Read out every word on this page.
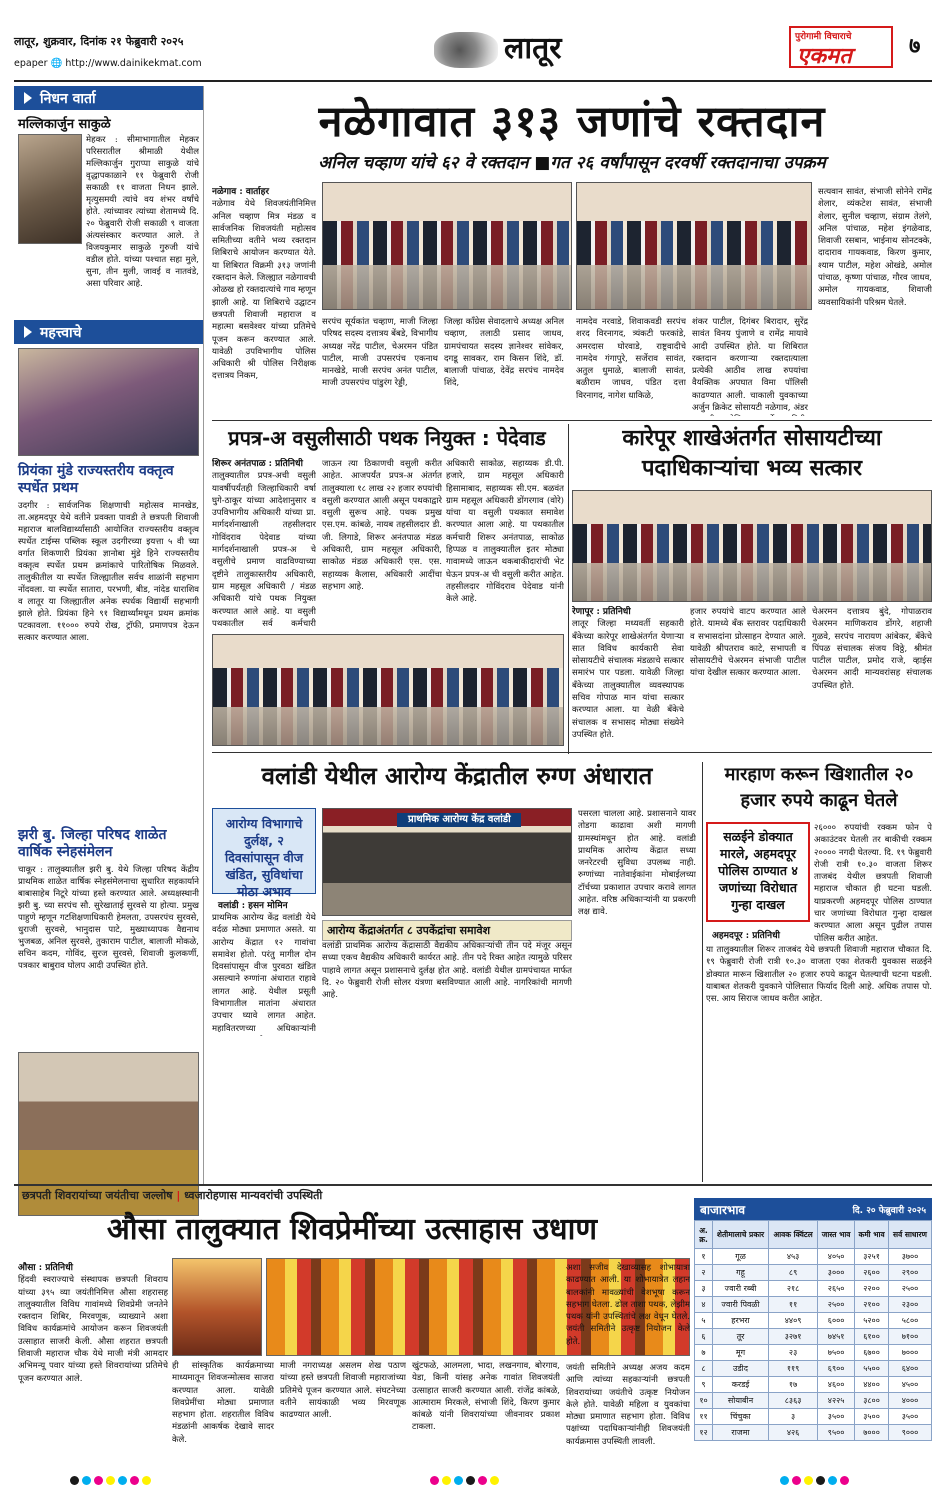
लातूर, शुक्रवार, दिनांक २१ फेब्रुवारी २०२५
epaper 🌐 http://www.dainikekmat.com	लातूर	पुरोगामी विचाराचे
एकमत	७
निधन वार्ता
मल्लिकार्जुन साकुळे
मेहकर : सीमाभागातील मेहकर परिसरातील श्रीमाळी येथील मल्लिकार्जुन गुराप्पा साकुळे यांचे वृद्धापकाळाने ११ फेब्रुवारी रोजी सकाळी ११ वाजता निधन झाले. मृत्युसमयी त्यांचे वय शंभर वर्षांचे होते. त्यांच्यावर त्यांच्या शेतामध्ये दि. २० फेब्रुवारी रोजी सकाळी ९ वाजता अंत्यसंस्कार करण्यात आले. ते विजयकुमार साकुळे गुरुजी यांचे वडील होते. यांच्या पश्चात सहा मुले, सुना, तीन मुली, जावई व नातवंडे, असा परिवार आहे.
महत्त्वाचे
प्रियंका मुंडे राज्यस्तरीय वक्तृत्व स्पर्धेत प्रथम
उदगीर : सार्वजनिक शिक्षणाची महोत्सव मानखेड, ता.अहमदपूर येथे वतीने प्रवक्ता पावडी ते छत्रपती शिवाजी महाराज बालविद्यार्थ्यांसाठी आयोजित राज्यस्तरीय वक्तृत्व स्पर्धेत टाईम्स पब्लिक स्कूल उदगीरच्या इयत्ता ५ वी च्या वर्गात शिकणारी प्रियंका ज्ञानोबा मुंडे हिने राज्यस्तरीय वक्तृत्व स्पर्धेत प्रथम क्रमांकाचे पारितोषिक मिळवले. तालुकीतील या स्पर्धेत जिल्ह्यातील सर्वच शाळांनी सहभाग नोंदवला. या स्पर्धेत सातारा, परभणी, बीड, नांदेड धाराशिव व लातूर या जिल्ह्यातील अनेक स्पर्धक विद्यार्थी सहभागी झाले होते. प्रियंका हिने ९१ विद्यार्थ्यांमधून प्रथम क्रमांक पटकावला. ११००० रुपये रोख, ट्रॉफी, प्रमाणपत्र देऊन सत्कार करण्यात आला.
झरी बु. जिल्हा परिषद शाळेत वार्षिक स्नेहसंमेलन
चाकूर : तालुक्यातील झरी बु. येथे जिल्हा परिषद केंद्रीय प्राथमिक शाळेत वार्षिक स्नेहसंमेलनाचा सुधारित सहकार्याने बाबासाहेब निटूरे यांच्या हस्ते करण्यात आले. अध्यक्षस्थानी झरी बु. च्या सरपंच सौ. सुरेखाताई सुरवसे या होत्या. प्रमुख पाहुणे म्हणून गटशिक्षणाधिकारी हेमलता, उपसरपंच सुरवसे, धुराजी सुरवसे, भानुदास पाटे, मुख्याध्यापक वैद्यनाथ भुजबळ, अनिल सुरवसे, तुकाराम पाटील, बालाजी मोकळे, सचिन कदम, गोविंद, सुरज सुरवसे, शिवाजी कुलकर्णी, पत्रकार बाबुराव घोलप आदी उपस्थित होते.
नळेगावात ३१३ जणांचे रक्तदान
अनिल चव्हाण यांचे ६२ वे रक्तदान ■गत २६ वर्षांपासून दरवर्षी रक्तदानाचा उपक्रम
नळेगाव : वार्ताहर
नळेगाव येथे शिवजयंतीनिमित्त अनिल चव्हाण मित्र मंडळ व सार्वजनिक शिवजयंती महोत्सव समितीच्या वतीने भव्य रक्तदान शिबिराचे आयोजन करण्यात येते. या शिबिरात विक्रमी ३१३ जणांनी रक्तदान केले. जिल्ह्यात नळेगावची ओळख हो रक्तदात्यांचे गाव म्हणून झाली आहे. या शिबिराचे उद्घाटन छत्रपती शिवाजी महाराज व महात्मा बसवेश्वर यांच्या प्रतिमेचे पूजन करून करण्यात आले. यावेळी उपविभागीय पोलिस अधिकारी श्री पोलिस निरीक्षक दत्तात्रय निकम,
सरपंच सूर्यकांत चव्हाण, माजी जिल्हा परिषद सदस्य दत्तात्रय बेंबडे, विभागीय अध्यक्ष नरेंद्र पाटील, चेअरमन पंडित पाटील, माजी उपसरपंच एकनाथ मानखेडे, माजी सरपंच अनंत पाटील, माजी उपसरपंच पांडुरंग रेड्डी,
जिल्हा काँग्रेस सेवादलाचे अध्यक्ष अनिल चव्हाण, तलाठी प्रसाद जाधव, ग्रामपंचायत सदस्य ज्ञानेश्वर सांवेकर, दगडू सावकर, राम किसन शिंदे, डॉ. बालाजी पांचाळ, देवेंद्र सरपंच नामदेव शिंदे,
नामदेव नरवाडे, शिवाकवडी सरपंच शरद विरनागद, त्र्यंकटी फरकांडे, अमरदास घोरवाडे, राष्ट्रवादीचे नामदेव गंगापुरे, सर्जेराव सावंत, अतुल धुमाळे, बालाजी सावंत, बळीराम जाधव, पंडित दत्ता विरनागद, नागेश धाकिळे,
शंकर पाटील, दिगंबर बिरादार, सुरेंद्र सावंत विनय पुंजाणे व रामेंद्र मायावे आदी उपस्थित होते. या शिबिरात रक्तदान करणाऱ्या रक्तदात्याला प्रत्येकी आठीव लाख रुपयांचा वैयक्तिक अपघात विमा पॉलिसी काढण्यात आली. चाकाली युवकाच्या अर्जुन क्रिकेट सोसायटी नळेगाव, अंडर
सत्यवान सावंत, संभाजी सोनेने रामेंद्र शेलार, व्यंकटेश सावंत, संभाजी शेलार, सुनील चव्हाण, संग्राम तेलंगे, अनिल पांचाळ, महेश इंगळेवाड, शिवाजी रसबान, भाईनाथ सोनटक्के, दादाराव गायकवाड, किरण कुमार, श्याम पाटील, महेश ओखंडे, अमोल पांचाळ, कृष्णा पांचाळ, गौरव जाधव, अमोल गायकवाड, शिवाजी व्यवसायिकांनी परिश्रम घेतले.
प्रपत्र-अ वसुलीसाठी पथक नियुक्त : पेदेवाड
शिरूर अनंतपाळ : प्रतिनिधी
तालुक्यातील प्रपत्र-अची वसुली यावर्षीपर्यंतही जिल्हाधिकारी वर्षा घुगे-ठाकूर यांच्या आदेशानुसार व उपविभागीय अधिकारी यांच्या प्रा. मार्गदर्शनाखाली तहसीलदार गोविंदराव पेदेवाड यांच्या मार्गदर्शनाखाली प्रपत्र-अ चे वसुलीचे प्रमाण वाढविण्याच्या दृष्टीने तालुकास्तरीय अधिकारी, ग्राम महसूल अधिकारी / मंडळ अधिकारी यांचे पथक नियुक्त करण्यात आले आहे. या वसुली पथकातील सर्व कर्मचारी
जाऊन त्या ठिकाणची वसुली करीत आहेत. आजपर्यंत प्रपत्र-अ अंतर्गत तालुक्याला १८ लाख २२ हजार रुपयांची वसुली करण्यात आली असून पथकाद्वारे वसुली सुरूच आहे. पथक प्रमुख एस.एम. कांबळे, नायब तहसीलदार डी. जी. लिगाडे, शिरूर अनंतपाळ मंडळ अधिकारी, ग्राम महसूल अधिकारी, साकोळ मंडळ अधिकारी एस. एस. सहाय्यक कैलास, अधिकारी आदींचा सहभाग आहे.
अधिकारी साकोळ, सहाय्यक डी.पी. हजारे, ग्राम महसूल अधिकारी हिसामाबाद, सहाय्यक सी.एम. बळवंत ग्राम महसूल अधिकारी डोंगरगाव (वोरे) यांचा या वसुली पथकात समावेश करण्यात आला आहे. या पथकातील कर्मचारी शिरूर अनंतपाळ, साकोळ हिप्पळ व तालुक्यातील इतर मोठ्या गावामध्ये जाऊन थकबाकीदारांची भेट घेऊन प्रपत्र-अ ची वसुली करीत आहेत. तहसीलदार गोविंदराव पेदेवाड यांनी केले आहे.
कारेपूर शाखेअंतर्गत सोसायटीच्या पदाधिकाऱ्यांचा भव्य सत्कार
रेणापूर : प्रतिनिधी
लातूर जिल्हा मध्यवर्ती सहकारी बँकेच्या कारेपूर शाखेअंतर्गत येणाऱ्या सात विविध कार्यकारी सेवा सोसायटीचे संचालक मंडळाचे सत्कार समारंभ पार पडला. यावेळी जिल्हा बँकेच्या तालुक्यातील व्यवस्थापक सचिव गोपाळ मान यांचा सत्कार करण्यात आला. या वेळी बँकेचे संचालक व सभासद मोठ्या संख्येने उपस्थित होते.
हजार रुपयांचे वाटप करण्यात आले होते. यामध्ये बँक स्तरावर पदाधिकारी व सभासदांना प्रोत्साहन देण्यात आले. यावेळी श्रीपतराव काटे, सभापती व सोसायटीचे चेअरमन संभाजी पाटील यांचा देखील सत्कार करण्यात आला.
चेअरमन दत्तात्रय बुंदे, गोपाळराव चेअरमन माणिकराव डोंगरे, शहाजी गुळवे, सरपंच नारायण आंबेकर, बँकेचे पिंपळ संचालक संजय विठ्ठे, श्रीमंत पाटील पाटील, प्रमोद राजे, व्हाईस चेअरमन आदी मान्यवरांसह संचालक उपस्थित होते.
वलांडी येथील आरोग्य केंद्रातील रुग्ण अंधारात
आरोग्य विभागाचे दुर्लक्ष, २ दिवसांपासून वीज खंडित, सुविधांचा मोठा अभाव
वलांडी : हसन मोमिन
प्राथमिक आरोग्य केंद्र वलांडी येथे वर्दळ मोठ्या प्रमाणात असते. या आरोग्य केंद्रात १२ गावांचा समावेश होतो. परंतु मागील दोन दिवसांपासून वीज पुरवठा खंडित असल्याने रुग्णांना अंधारात राहावे लागत आहे. येथील प्रसूती विभागातील मातांना अंधारात उपचार घ्यावे लागत आहेत. महावितरणच्या अधिकाऱ्यांनी
प्राथमिक आरोग्य केंद्र वलांडी
पसरला चालला आहे. प्रशासनाने यावर तोडगा काढावा अशी मागणी ग्रामस्थांमधून होत आहे. वलांडी प्राथमिक आरोग्य केंद्रात सध्या जनरेटरची सुविधा उपलब्ध नाही. रुग्णांच्या नातेवाईकांना मोबाईलच्या टॉर्चच्या प्रकाशात उपचार करावे लागत आहेत. वरिष्ठ अधिकाऱ्यांनी या प्रकरणी लक्ष द्यावे.
आरोग्य केंद्राअंतर्गत ८ उपकेंद्रांचा समावेश
वलांडी प्राथमिक आरोग्य केंद्रासाठी वैद्यकीय अधिकाऱ्यांची तीन पदे मंजूर असून सध्या एकच वैद्यकीय अधिकारी कार्यरत आहे. तीन पदे रिक्त आहेत त्यामुळे परिसर पाहावे लागत असून प्रशासनाचे दुर्लक्ष होत आहे. वलांडी येथील ग्रामपंचायत मार्फत दि. २० फेब्रुवारी रोजी सोलर यंत्रणा बसविण्यात आली आहे. नागरिकांची मागणी आहे.
मारहाण करून खिशातील २० हजार रुपये काढून घेतले
सळईने डोक्यात मारले, अहमदपूर पोलिस ठाण्यात ४ जणांच्या विरोधात गुन्हा दाखल
अहमदपूर : प्रतिनिधी
२६००० रुपयांची रक्कम फोन पे अकाउंटवर घेतली तर बाकीची रक्कम २०००० नगदी घेतल्या. दि. १९ फेब्रुवारी रोजी रात्री १०.३० वाजता शिरूर ताजबंद येथील छत्रपती शिवाजी महाराज चौकात ही घटना घडली. याप्रकरणी अहमदपूर पोलिस ठाण्यात चार जणांच्या विरोधात गुन्हा दाखल करण्यात आला असून पुढील तपास पोलिस करीत आहेत.
या तालुक्यातील शिरूर ताजबंद येथे छत्रपती शिवाजी महाराज चौकात दि. १९ फेब्रुवारी रोजी रात्री १०.३० वाजता एका शेतकरी युवकास सळईने डोक्यात मारून खिशातील २० हजार रुपये काढून घेतल्याची घटना घडली. याबाबत शेतकरी युवकाने पोलिसात फिर्याद दिली आहे. अधिक तपास पो. एस. आय सिराज जाधव करीत आहेत.
छत्रपती शिवरायांच्या जयंतीचा जल्लोष | ध्वजारोहणास मान्यवरांची उपस्थिती
औसा तालुक्यात शिवप्रेमींच्या उत्साहास उधाण
औसा : प्रतिनिधी
हिंदवी स्वराज्याचे संस्थापक छत्रपती शिवराय यांच्या ३९५ व्या जयंतीनिमित्त औसा शहरासह तालुक्यातील विविध गावांमध्ये शिवप्रेमी जनतेने रक्तदान शिबिर, मिरवणूक, व्याख्याने अशा विविध कार्यक्रमांचे आयोजन करून शिवजयंती उत्साहात साजरी केली. औसा शहरात छत्रपती शिवाजी महाराज चौक येथे माजी मंत्री आमदार अभिमन्यू पवार यांच्या हस्ते शिवरायांच्या प्रतिमेचे पूजन करण्यात आले.
ही सांस्कृतिक कार्यक्रमाच्या माध्यमातून शिवजन्मोत्सव साजरा करण्यात आला. यावेळी शिवप्रेमींचा मोठ्या प्रमाणात सहभाग होता. शहरातील विविध मंडळांनी आकर्षक देखावे सादर केले.
माजी नगराध्यक्ष असलम शेख पठाण यांच्या हस्ते छत्रपती शिवाजी महाराजांच्या प्रतिमेचे पूजन करण्यात आले. संघटनेच्या वतीने सायंकाळी भव्य मिरवणूक काढण्यात आली.
खुंटफळे, आलमला, भादा, लखनगाव, बोरगाव, येडा, किनी यांसह अनेक गावांत शिवजयंती उत्साहात साजरी करण्यात आली. रांजेंद्र कांबळे, आत्माराम मिरकले, संभाजी शिंदे, किरण कुमार कांबळे यांनी शिवरायांच्या जीवनावर प्रकाश टाकला.
अशा सजीव देखाव्यासह शोभायात्रा काढण्यात आली. या शोभायात्रेत लहान बालकांनी मावळ्यांची वेशभूषा करून सहभाग घेतला. ढोल ताशा पथक, लेझीम पथक यांनी उपस्थितांचे लक्ष वेधून घेतले. जयंती समितीने उत्कृष्ट नियोजन केले होते.
जयंती समितीने अध्यक्ष अजय कदम आणि त्यांच्या सहकाऱ्यांनी छत्रपती शिवरायांच्या जयंतीचे उत्कृष्ट नियोजन केले होते. यावेळी महिला व युवकांचा मोठ्या प्रमाणात सहभाग होता. विविध पक्षांच्या पदाधिकाऱ्यांनीही शिवजयंती कार्यक्रमास उपस्थिती लावली.
बाजारभाव	दि. २० फेब्रुवारी २०२५
अ. क्र.	शेतीमालाचे प्रकार	आवक क्विंटल	जास्त भाव	कमी भाव	सर्व साधारण
१	गूळ	४५३	४०५०	३२५१	३७००
२	गहू	८९	३०००	२६००	२९००
३	ज्वारी रब्बी	२१८	२६५०	२२००	२५००
४	ज्वारी पिवळी	११	२५००	२१००	२३००
५	हरभरा	४४०९	६०००	५२००	५८००
६	तूर	३२७१	७४५१	६१००	७१००
७	मूग	२३	७५००	६७००	७०००
८	उडीद	११९	६९००	५५००	६४००
९	करडई	१७	४६००	४४००	४५००
१०	सोयाबीन	८३६३	४२२५	३८००	४०००
११	चिंचुका	३	३५००	३५००	३५००
१२	राजमा	४२६	९५००	७०००	९०००
